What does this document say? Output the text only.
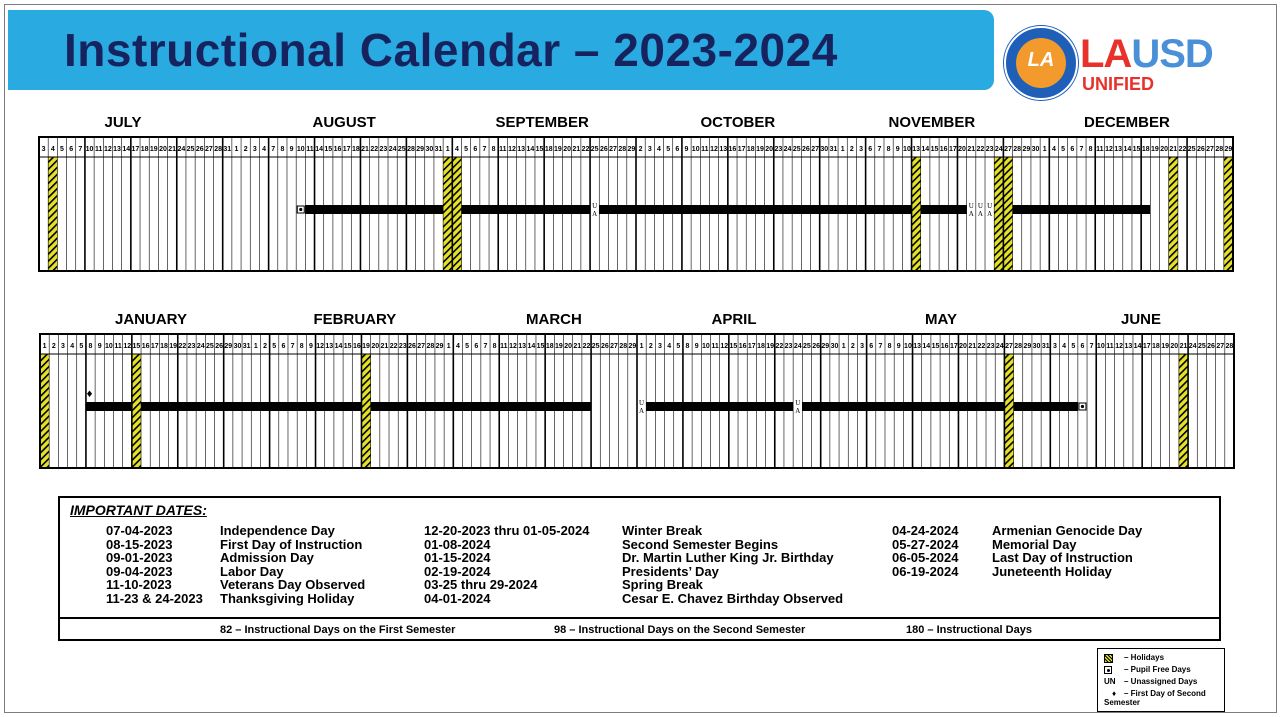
Instructional Calendar – 2023-2024	LA LAUSD
UNIFIED
JULY	AUGUST	SEPTEMBER	OCTOBER	NOVEMBER	DECEMBER
3 4 5 6 7 10 11 12 13 14 17 18 19 20 21 24 25 26 27 28 31 1 2 3 4 7 8 9 10 11 14 15 16 17 18 21 22 23 24 25 28 29 30 31 1 4 5 6 7 8 11 12 13 14 15 18 19 20 21 22 25 26 27 28 29 2 3 4 5 6 9 10 11 12 13 16 17 18 19 20 23 24 25 26 27 30 31 1 2 3 6 7 8 9 10 13 14 15 16 17 20 21 22 23 24 27 28 29 30 1 4 5 6 7 8 11 12 13 14 15 18 19 20 21 22 25 26 27 28 29
U
A
U
A
U
A
U
A
JANUARY	FEBRUARY	MARCH	APRIL	MAY	JUNE
1 2 3 4 5 8 9 10 11 12 15 16 17 18 19 22 23 24 25 26 29 30 31 1 2 5 6 7 8 9 12 13 14 15 16 19 20 21 22 23 26 27 28 29 1 4 5 6 7 8 11 12 13 14 15 18 19 20 21 22 25 26 27 28 29 1 2 3 4 5 8 9 10 11 12 15 16 17 18 19 22 23 24 25 26 29 30 1 2 3 6 7 8 9 10 13 14 15 16 17 20 21 22 23 24 27 28 29 30 31 3 4 5 6 7 10 11 12 13 14 17 18 19 20 21 24 25 26 27 28
U
A
U
A
♦
IMPORTANT DATES:
07-04-2023	Independence Day
08-15-2023	First Day of Instruction
09-01-2023	Admission Day
09-04-2023	Labor Day
11-10-2023	Veterans Day Observed
11-23 & 24-2023 Thanksgiving Holiday
12-20-2023 thru 01-05-2024	Winter Break
01-08-2024	Second Semester Begins
01-15-2024	Dr. Martin Luther King Jr. Birthday
02-19-2024	Presidents’ Day
03-25 thru 29-2024	Spring Break
04-01-2024	Cesar E. Chavez Birthday Observed
04-24-2024	Armenian Genocide Day
05-27-2024	Memorial Day
06-05-2024	Last Day of Instruction
06-19-2024	Juneteenth Holiday
82 – Instructional Days on the First Semester	98 – Instructional Days on the Second Semester	180 – Instructional Days
– Holidays
– Pupil Free Days
UN – Unassigned Days
♦ – First Day of Second Semester
